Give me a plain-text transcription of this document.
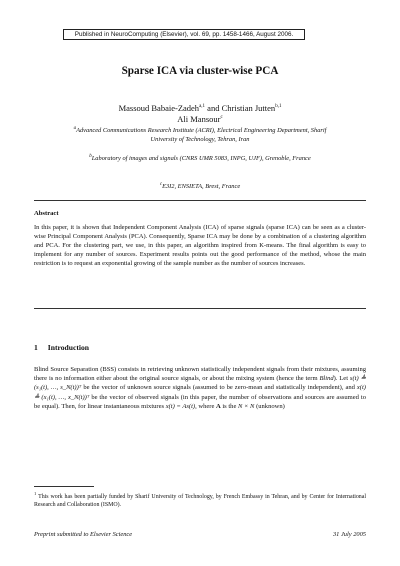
Published in NeuroComputing (Elsevier), vol. 69, pp. 1458-1466, August 2006.
Sparse ICA via cluster-wise PCA
Massoud Babaie-Zadeh$^{a,1}$ and Christian Jutten$^{b,1}$
Ali Mansour$^c$
$^a$Advanced Communications Research Institute (ACRI), Electrical Engineering Department, Sharif University of Technology, Tehran, Iran
$^b$Laboratory of images and signals (CNRS UMR 5083, INPG, UJF), Grenoble, France
$^c$E3I2, ENSIETA, Brest, France
Abstract
In this paper, it is shown that Independent Component Analysis (ICA) of sparse signals (sparse ICA) can be seen as a cluster-wise Principal Component Analysis (PCA). Consequently, Sparse ICA may be done by a combination of a clustering algorithm and PCA. For the clustering part, we use, in this paper, an algorithm inspired from K-means. The final algorithm is easy to implement for any number of sources. Experiment results points out the good performance of the method, whose the main restriction is to request an exponential growing of the sample number as the number of sources increases.
1 Introduction
Blind Source Separation (BSS) consists in retrieving unknown statistically independent signals from their mixtures, assuming there is no information either about the original source signals, or about the mixing system (hence the term Blind). Let s(t) ≜ (s₁(t), …, s_N(t))ᵀ be the vector of unknown source signals (assumed to be zero-mean and statistically independent), and x(t) ≜ (x₁(t), …, x_N(t))ᵀ be the vector of observed signals (in this paper, the number of observations and sources are assumed to be equal). Then, for linear instantaneous mixtures x(t) = As(t), where A is the N × N (unknown)
$^1$ This work has been partially funded by Sharif University of Technology, by French Embassy in Tehran, and by Center for International Research and Collaboration (ISMO).
Preprint submitted to Elsevier Science	31 July 2005
